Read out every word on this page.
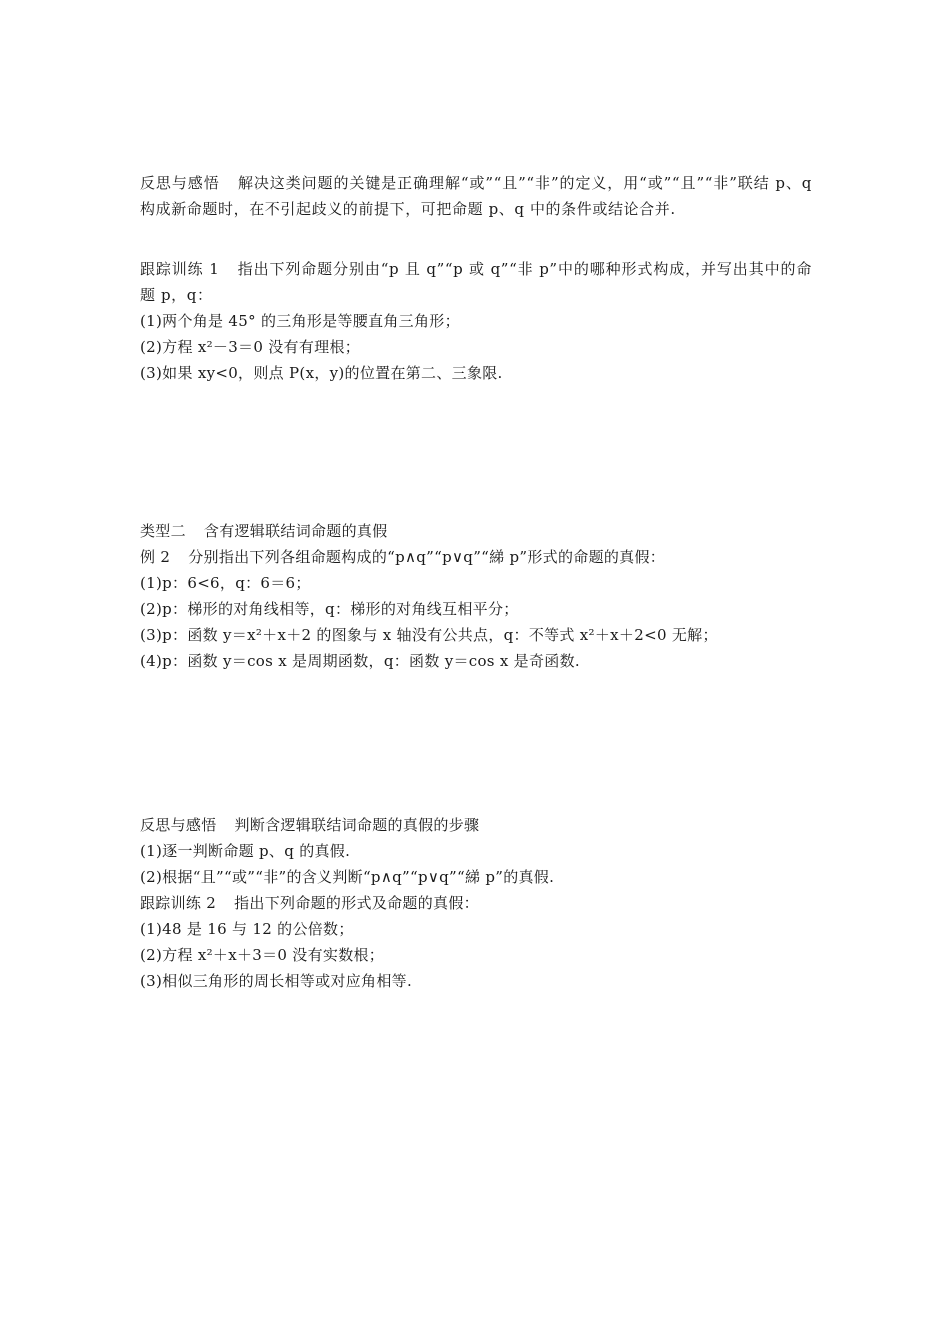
反思与感悟 解决这类问题的关键是正确理解“或”“且”“非”的定义，用“或”“且”“非”联结 p、q 构成新命题时，在不引起歧义的前提下，可把命题 p、q 中的条件或结论合并.
跟踪训练 1 指出下列命题分别由“p 且 q”“p 或 q”“非 p”中的哪种形式构成，并写出其中的命题 p，q：
(1)两个角是 45° 的三角形是等腰直角三角形；
(2)方程 x²－3＝0 没有有理根；
(3)如果 xy<0，则点 P(x，y)的位置在第二、三象限.
类型二 含有逻辑联结词命题的真假
例 2 分别指出下列各组命题构成的“p∧q”“p∨q”“綈 p”形式的命题的真假：
(1)p：6<6，q：6＝6；
(2)p：梯形的对角线相等，q：梯形的对角线互相平分；
(3)p：函数 y＝x²＋x＋2 的图象与 x 轴没有公共点，q：不等式 x²＋x＋2<0 无解；
(4)p：函数 y＝cos x 是周期函数，q：函数 y＝cos x 是奇函数.
反思与感悟 判断含逻辑联结词命题的真假的步骤
(1)逐一判断命题 p、q 的真假.
(2)根据“且”“或”“非”的含义判断“p∧q”“p∨q”“綈 p”的真假.
跟踪训练 2 指出下列命题的形式及命题的真假：
(1)48 是 16 与 12 的公倍数；
(2)方程 x²＋x＋3＝0 没有实数根；
(3)相似三角形的周长相等或对应角相等.
